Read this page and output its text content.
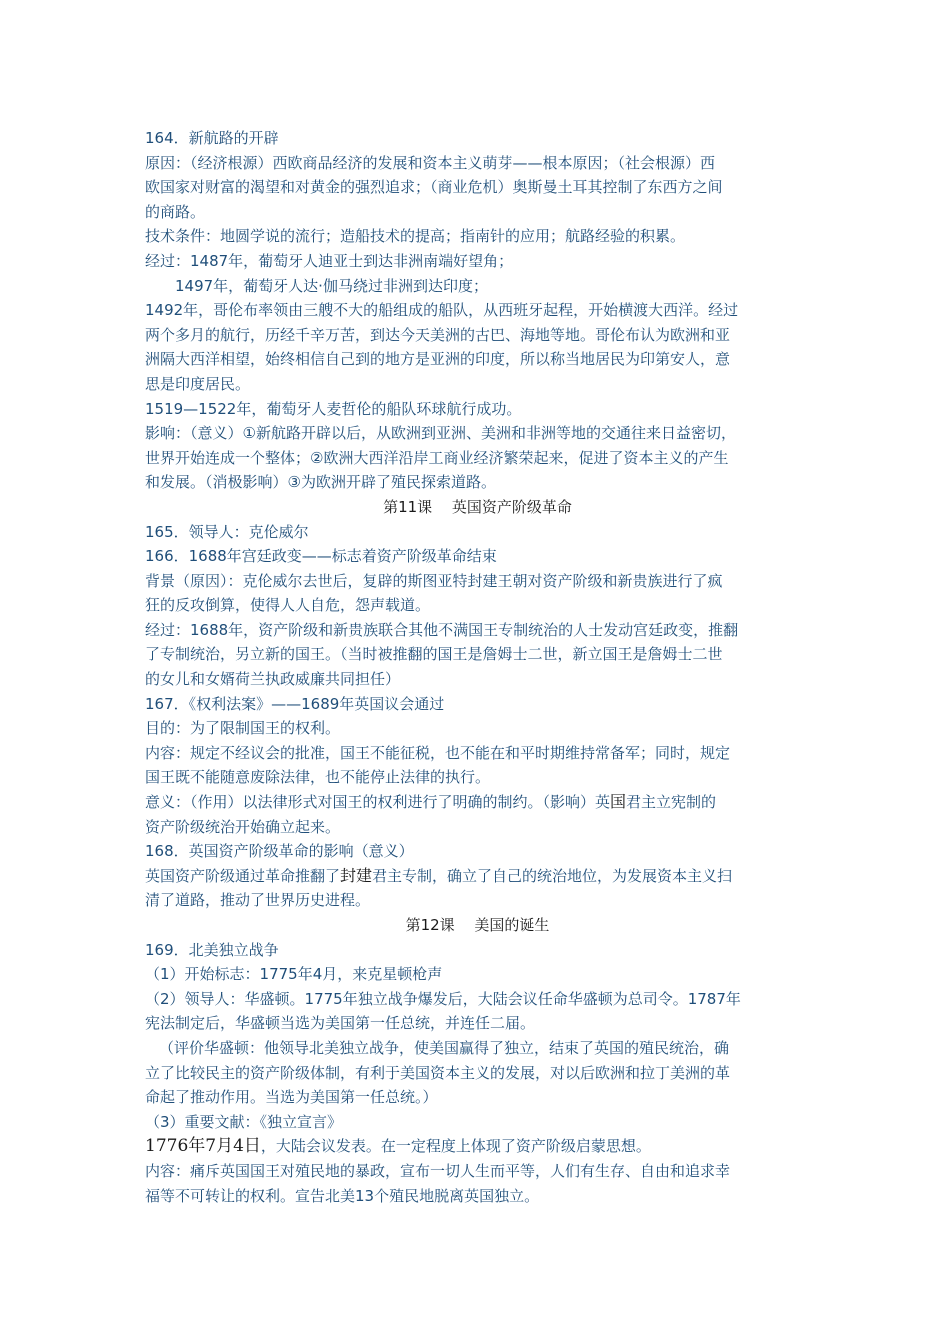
164．新航路的开辟
原因：（经济根源）西欧商品经济的发展和资本主义萌芽——根本原因；（社会根源）西
欧国家对财富的渴望和对黄金的强烈追求；（商业危机）奥斯曼土耳其控制了东西方之间
的商路。
技术条件：地圆学说的流行；造船技术的提高；指南针的应用；航路经验的积累。
经过：1487年，葡萄牙人迪亚士到达非洲南端好望角；
1497年，葡萄牙人达·伽马绕过非洲到达印度；
1492年，哥伦布率领由三艘不大的船组成的船队，从西班牙起程，开始横渡大西洋。经过
两个多月的航行，历经千辛万苦，到达今天美洲的古巴、海地等地。哥伦布认为欧洲和亚
洲隔大西洋相望，始终相信自己到的地方是亚洲的印度，所以称当地居民为印第安人，意
思是印度居民。
1519—1522年，葡萄牙人麦哲伦的船队环球航行成功。
影响：（意义）①新航路开辟以后，从欧洲到亚洲、美洲和非洲等地的交通往来日益密切，
世界开始连成一个整体；②欧洲大西洋沿岸工商业经济繁荣起来，促进了资本主义的产生
和发展。（消极影响）③为欧洲开辟了殖民探索道路。
第11课　 英国资产阶级革命
165．领导人：克伦威尔
166．1688年宫廷政变——标志着资产阶级革命结束
背景（原因）：克伦威尔去世后，复辟的斯图亚特封建王朝对资产阶级和新贵族进行了疯
狂的反攻倒算，使得人人自危，怨声载道。
经过：1688年，资产阶级和新贵族联合其他不满国王专制统治的人士发动宫廷政变，推翻
了专制统治，另立新的国王。（当时被推翻的国王是詹姆士二世，新立国王是詹姆士二世
的女儿和女婿荷兰执政威廉共同担任）
167．《权利法案》——1689年英国议会通过
目的：为了限制国王的权利。
内容：规定不经议会的批准，国王不能征税，也不能在和平时期维持常备军；同时，规定
国王既不能随意废除法律，也不能停止法律的执行。
意义：（作用）以法律形式对国王的权利进行了明确的制约。（影响）英国君主立宪制的
资产阶级统治开始确立起来。
168．英国资产阶级革命的影响（意义）
英国资产阶级通过革命推翻了封建君主专制，确立了自己的统治地位，为发展资本主义扫
清了道路，推动了世界历史进程。
第12课　 美国的诞生
169．北美独立战争
（1）开始标志：1775年4月，来克星顿枪声
（2）领导人：华盛顿。1775年独立战争爆发后，大陆会议任命华盛顿为总司令。1787年
宪法制定后，华盛顿当选为美国第一任总统，并连任二届。
（评价华盛顿：他领导北美独立战争，使美国赢得了独立，结束了英国的殖民统治，确
立了比较民主的资产阶级体制，有利于美国资本主义的发展，对以后欧洲和拉丁美洲的革
命起了推动作用。当选为美国第一任总统。）
（3）重要文献：《独立宣言》
1776年7月4日，大陆会议发表。在一定程度上体现了资产阶级启蒙思想。
内容：痛斥英国国王对殖民地的暴政，宣布一切人生而平等，人们有生存、自由和追求幸
福等不可转让的权利。宣告北美13个殖民地脱离英国独立。
